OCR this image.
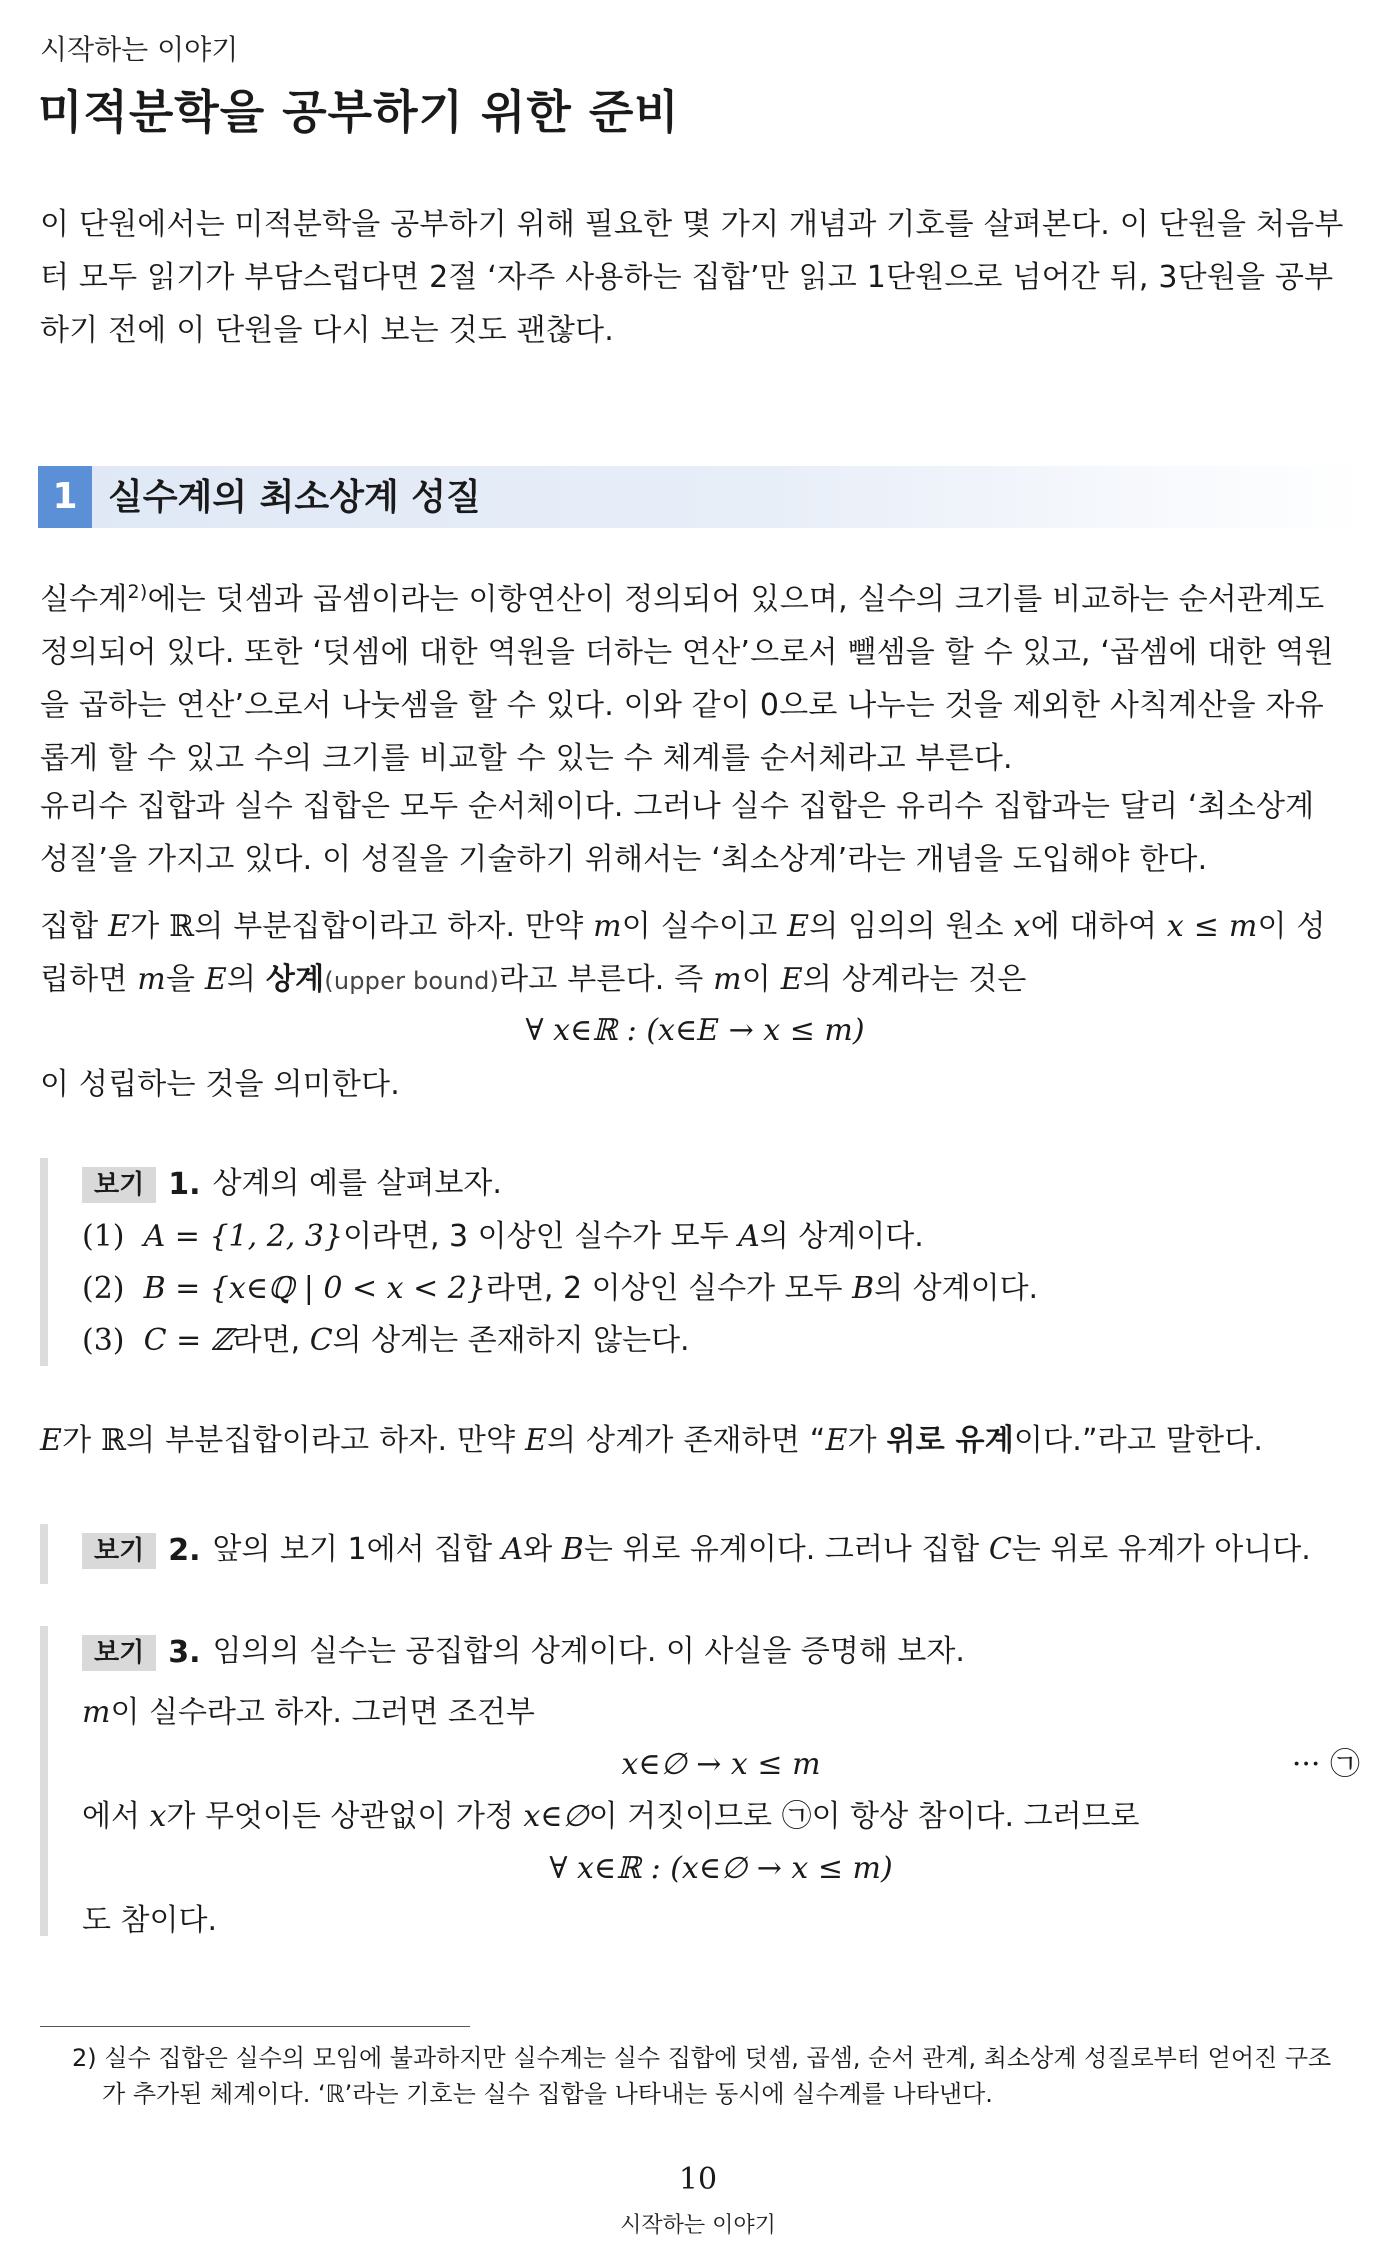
시작하는 이야기
미적분학을 공부하기 위한 준비

이 단원에서는 미적분학을 공부하기 위해 필요한 몇 가지 개념과 기호를 살펴본다. 이 단원을 처음부터 모두 읽기가 부담스럽다면 2절 ‘자주 사용하는 집합’만 읽고 1단원으로 넘어간 뒤, 3단원을 공부하기 전에 이 단원을 다시 보는 것도 괜찮다.

1 실수계의 최소상계 성질

실수계$^{2)}$에는 덧셈과 곱셈이라는 이항연산이 정의되어 있으며, 실수의 크기를 비교하는 순서관계도 정의되어 있다. 또한 ‘덧셈에 대한 역원을 더하는 연산’으로서 뺄셈을 할 수 있고, ‘곱셈에 대한 역원을 곱하는 연산’으로서 나눗셈을 할 수 있다. 이와 같이 0으로 나누는 것을 제외한 사칙계산을 자유롭게 할 수 있고 수의 크기를 비교할 수 있는 수 체계를 순서체라고 부른다.

유리수 집합과 실수 집합은 모두 순서체이다. 그러나 실수 집합은 유리수 집합과는 달리 ‘최소상계 성질’을 가지고 있다. 이 성질을 기술하기 위해서는 ‘최소상계’라는 개념을 도입해야 한다.

집합 E가 ℝ의 부분집합이라고 하자. 만약 m이 실수이고 E의 임의의 원소 x에 대하여 x ≤ m이 성립하면 m을 E의 상계(upper bound)라고 부른다. 즉 m이 E의 상계라는 것은

∀ x∈ℝ : (x∈E → x ≤ m)

이 성립하는 것을 의미한다.

보기 1. 상계의 예를 살펴보자.
(1) A = {1, 2, 3}이라면, 3 이상인 실수가 모두 A의 상계이다.
(2) B = {x∈ℚ | 0 < x < 2}라면, 2 이상인 실수가 모두 B의 상계이다.
(3) C = ℤ라면, C의 상계는 존재하지 않는다.

E가 ℝ의 부분집합이라고 하자. 만약 E의 상계가 존재하면 “E가 위로 유계이다.”라고 말한다.

보기 2. 앞의 보기 1에서 집합 A와 B는 위로 유계이다. 그러나 집합 C는 위로 유계가 아니다.
보기 3. 임의의 실수는 공집합의 상계이다. 이 사실을 증명해 보자.
m이 실수라고 하자. 그러면 조건부
x∈∅ → x ≤ m	··· ㉠
에서 x가 무엇이든 상관없이 가정 x∈∅이 거짓이므로 ㉠이 항상 참이다. 그러므로
∀ x∈ℝ : (x∈∅ → x ≤ m)
도 참이다.
2) 실수 집합은 실수의 모임에 불과하지만 실수계는 실수 집합에 덧셈, 곱셈, 순서 관계, 최소상계 성질로부터 얻어진 구조가 추가된 체계이다. ‘ℝ’라는 기호는 실수 집합을 나타내는 동시에 실수계를 나타낸다.
10
시작하는 이야기
